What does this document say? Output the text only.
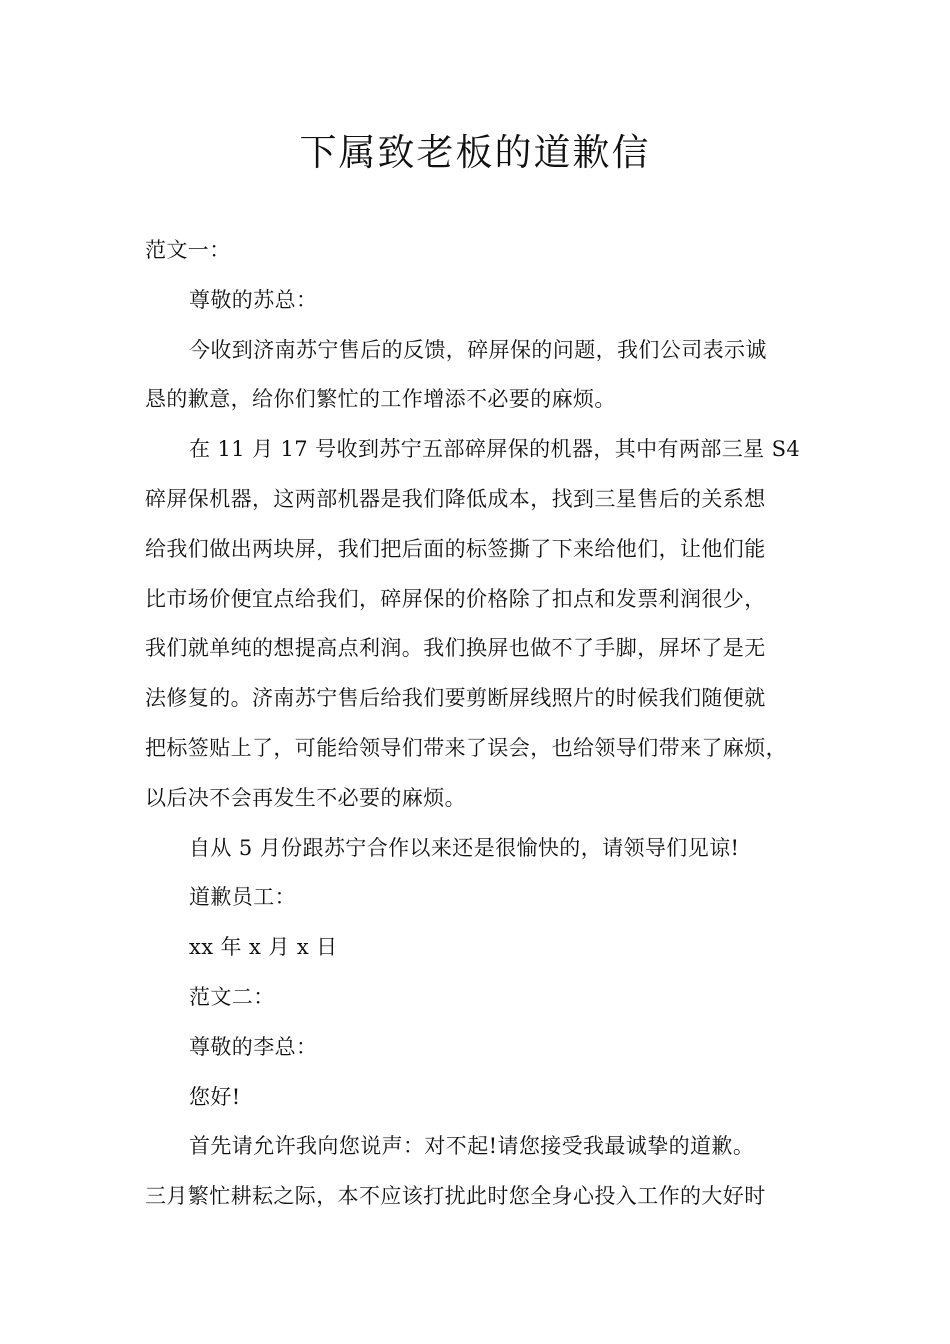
下属致老板的道歉信
范文一：
尊敬的苏总：
今收到济南苏宁售后的反馈，碎屏保的问题，我们公司表示诚
恳的歉意，给你们繁忙的工作增添不必要的麻烦。
在 11 月 17 号收到苏宁五部碎屏保的机器，其中有两部三星 S4
碎屏保机器，这两部机器是我们降低成本，找到三星售后的关系想
给我们做出两块屏，我们把后面的标签撕了下来给他们，让他们能
比市场价便宜点给我们，碎屏保的价格除了扣点和发票利润很少，
我们就单纯的想提高点利润。我们换屏也做不了手脚，屏坏了是无
法修复的。济南苏宁售后给我们要剪断屏线照片的时候我们随便就
把标签贴上了，可能给领导们带来了误会，也给领导们带来了麻烦，
以后决不会再发生不必要的麻烦。
自从 5 月份跟苏宁合作以来还是很愉快的，请领导们见谅!
道歉员工：
xx 年 x 月 x 日
范文二：
尊敬的李总：
您好!
首先请允许我向您说声：对不起!请您接受我最诚挚的道歉。
三月繁忙耕耘之际，本不应该打扰此时您全身心投入工作的大好时
